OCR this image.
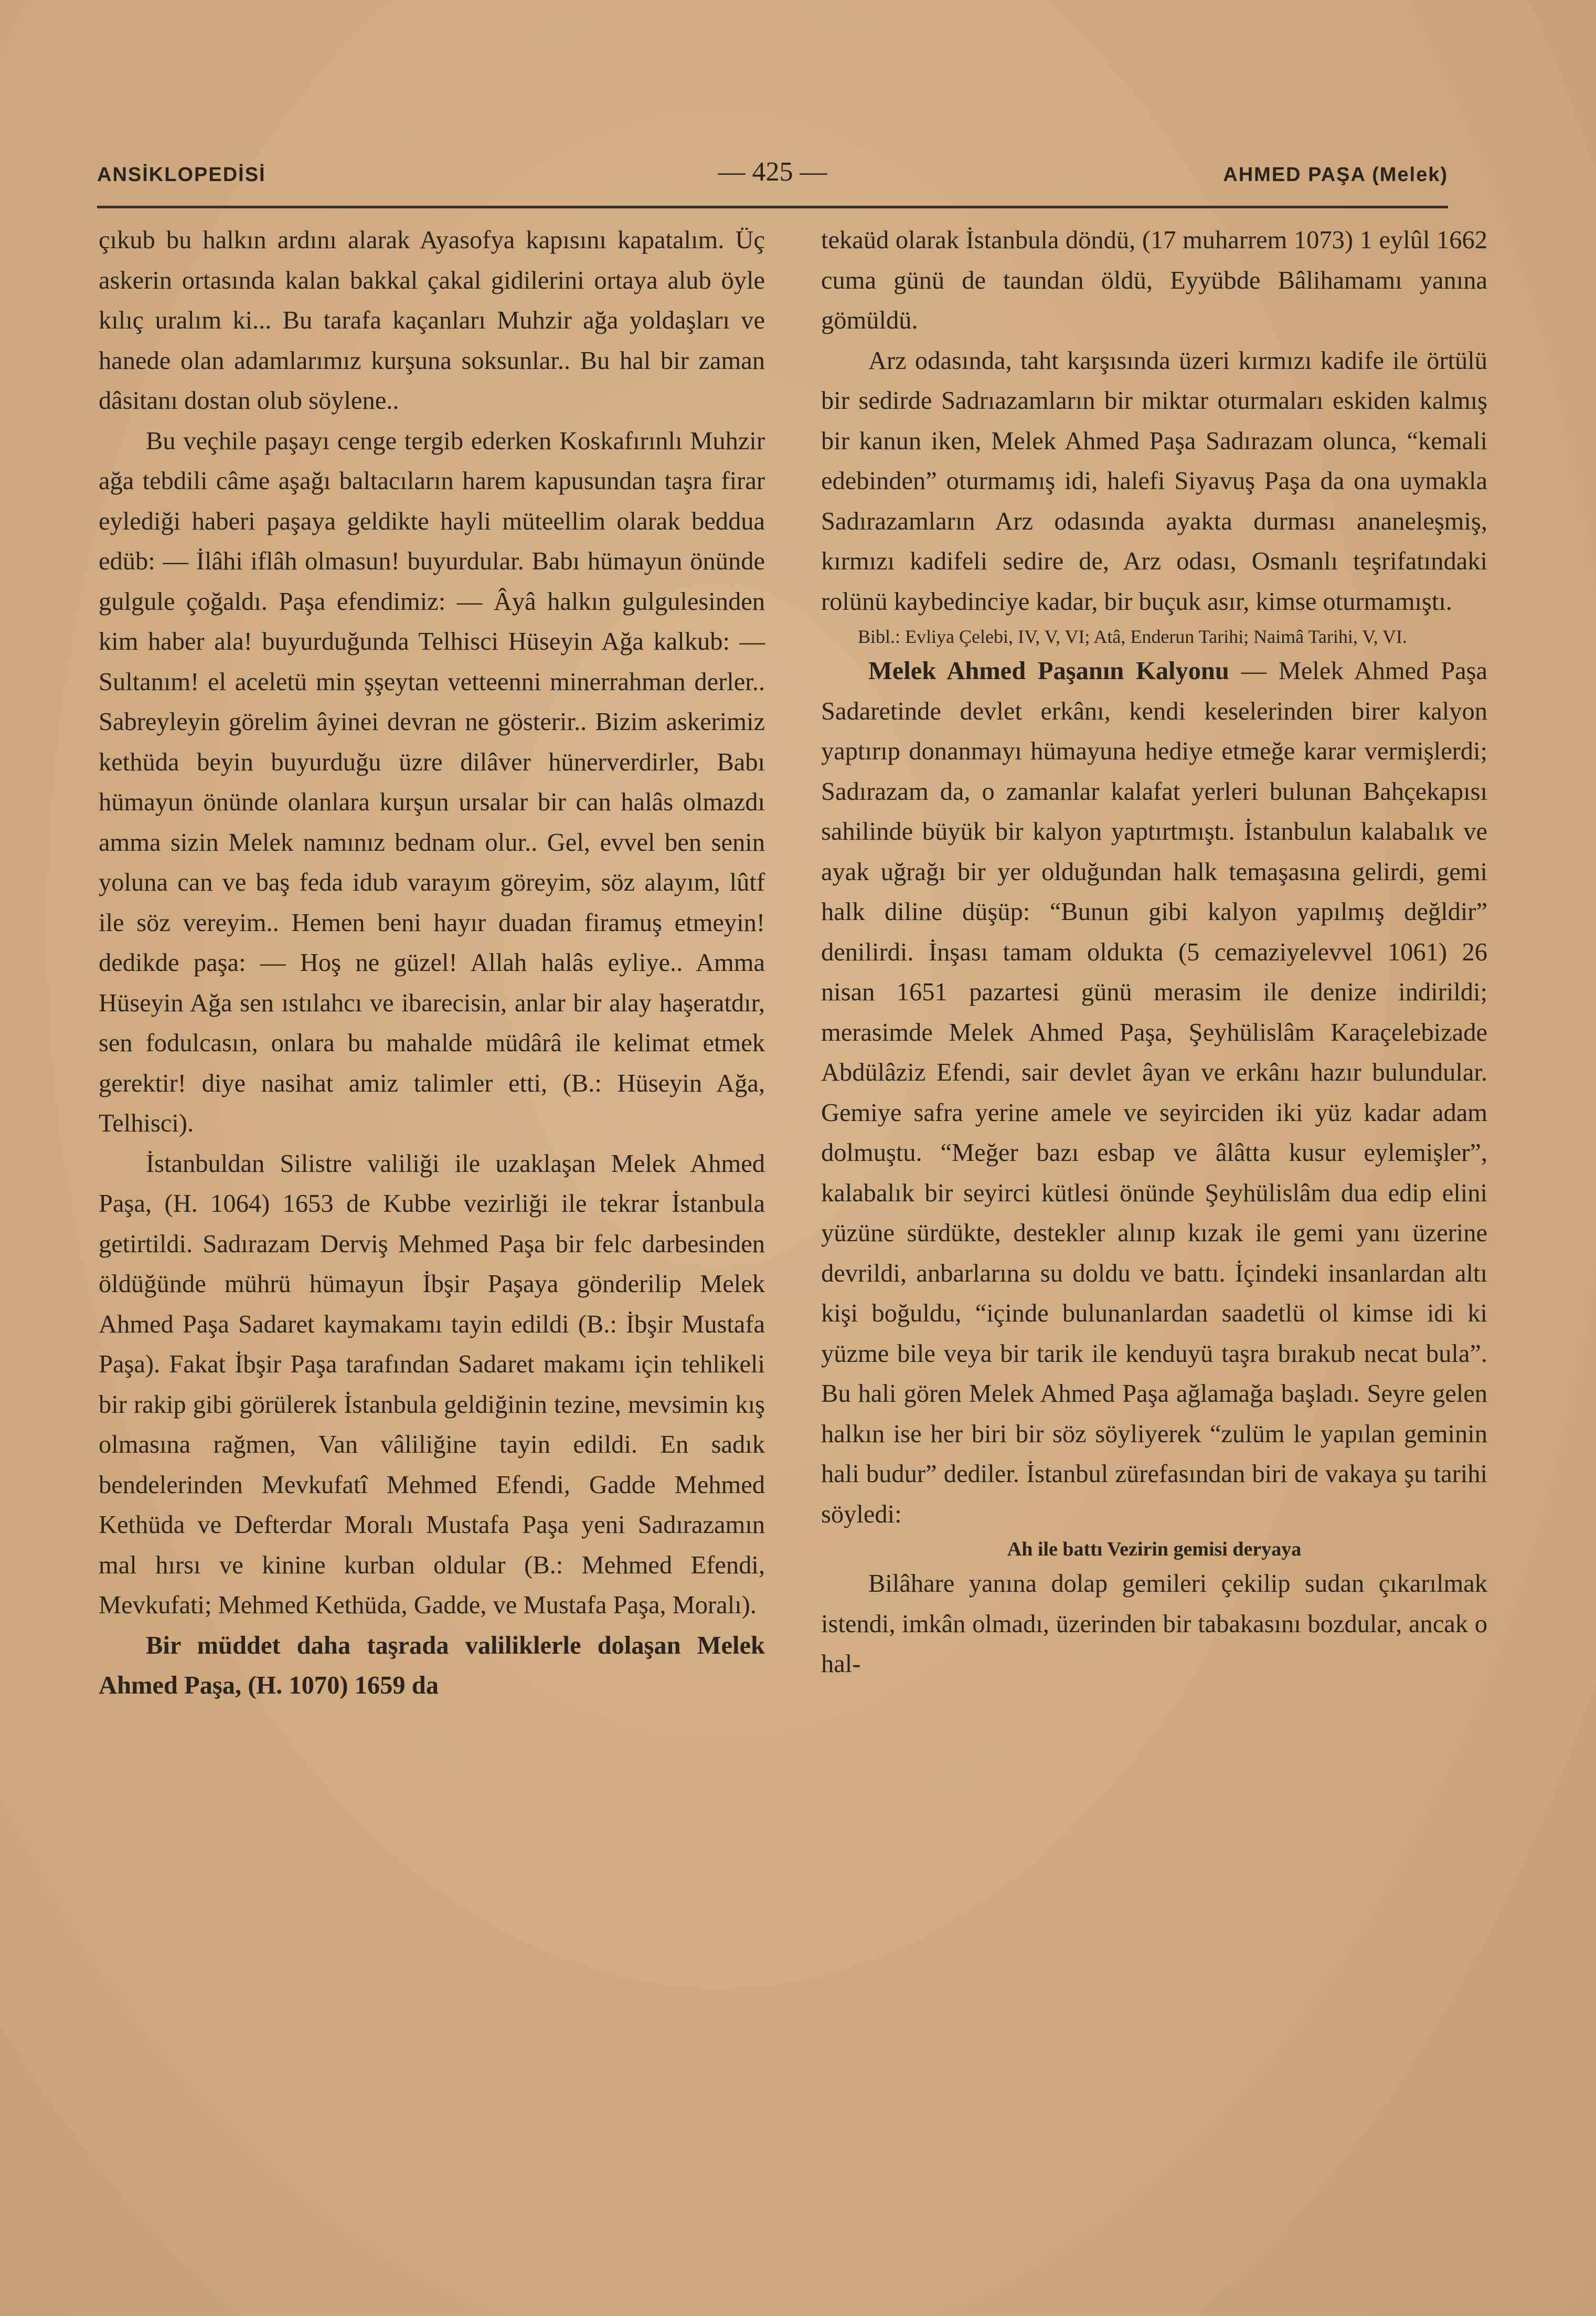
ANSİKLOPEDİSİ	— 425 —	AHMED PAŞA (Melek)

çıkub bu halkın ardını alarak Ayasofya kapısını kapatalım. Üç askerin ortasında kalan bakkal çakal gidilerini ortaya alub öyle kılıç uralım ki... Bu tarafa kaçanları Muhzir ağa yoldaşları ve hanede olan adamlarımız kurşuna soksunlar.. Bu hal bir zaman dâsitanı dostan olub söylene..

Bu veçhile paşayı cenge tergib ederken Koskafırınlı Muhzir ağa tebdili câme aşağı baltacıların harem kapusundan taşra firar eylediği haberi paşaya geldikte hayli müteellim olarak beddua edüb: — İlâhi iflâh olmasun! buyurdular. Babı hümayun önünde gulgule çoğaldı. Paşa efendimiz: — Âyâ halkın gulgulesinden kim haber ala! buyurduğunda Telhisci Hüseyin Ağa kalkub: — Sultanım! el aceletü min şşeytan vetteenni minerrahman derler.. Sabreyleyin görelim âyinei devran ne gösterir.. Bizim askerimiz kethüda beyin buyurduğu üzre dilâver hünerverdirler, Babı hümayun önünde olanlara kurşun ursalar bir can halâs olmazdı amma sizin Melek namınız bednam olur.. Gel, evvel ben senin yoluna can ve baş feda idub varayım göreyim, söz alayım, lûtf ile söz vereyim.. Hemen beni hayır duadan firamuş etmeyin! dedikde paşa: — Hoş ne güzel! Allah halâs eyliye.. Amma Hüseyin Ağa sen ıstılahcı ve ibarecisin, anlar bir alay haşeratdır, sen fodulcasın, onlara bu mahalde müdârâ ile kelimat etmek gerektir! diye nasihat amiz talimler etti, (B.: Hüseyin Ağa, Telhisci).

İstanbuldan Silistre valiliği ile uzaklaşan Melek Ahmed Paşa, (H. 1064) 1653 de Kubbe vezirliği ile tekrar İstanbula getirtildi. Sadırazam Derviş Mehmed Paşa bir felc darbesinden öldüğünde mührü hümayun İbşir Paşaya gönderilip Melek Ahmed Paşa Sadaret kaymakamı tayin edildi (B.: İbşir Mustafa Paşa). Fakat İbşir Paşa tarafından Sadaret makamı için tehlikeli bir rakip gibi görülerek İstanbula geldiğinin tezine, mevsimin kış olmasına rağmen, Van vâliliğine tayin edildi. En sadık bendelerinden Mevkufatî Mehmed Efendi, Gadde Mehmed Kethüda ve Defterdar Moralı Mustafa Paşa yeni Sadırazamın mal hırsı ve kinine kurban oldular (B.: Mehmed Efendi, Mevkufati; Mehmed Kethüda, Gadde, ve Mustafa Paşa, Moralı).

Bir müddet daha taşrada valiliklerle dolaşan Melek Ahmed Paşa, (H. 1070) 1659 da

tekaüd olarak İstanbula döndü, (17 muharrem 1073) 1 eylûl 1662 cuma günü de taundan öldü, Eyyübde Bâlihamamı yanına gömüldü.

Arz odasında, taht karşısında üzeri kırmızı kadife ile örtülü bir sedirde Sadrıazamların bir miktar oturmaları eskiden kalmış bir kanun iken, Melek Ahmed Paşa Sadırazam olunca, “kemali edebinden” oturmamış idi, halefi Siyavuş Paşa da ona uymakla Sadırazamların Arz odasında ayakta durması ananeleşmiş, kırmızı kadifeli sedire de, Arz odası, Osmanlı teşrifatındaki rolünü kaybedinciye kadar, bir buçuk asır, kimse oturmamıştı.

Bibl.: Evliya Çelebi, IV, V, VI; Atâ, Enderun Tarihi; Naimâ Tarihi, V, VI.

Melek Ahmed Paşanın Kalyonu — Melek Ahmed Paşa Sadaretinde devlet erkânı, kendi keselerinden birer kalyon yaptırıp donanmayı hümayuna hediye etmeğe karar vermişlerdi; Sadırazam da, o zamanlar kalafat yerleri bulunan Bahçekapısı sahilinde büyük bir kalyon yaptırtmıştı. İstanbulun kalabalık ve ayak uğrağı bir yer olduğundan halk temaşasına gelirdi, gemi halk diline düşüp: “Bunun gibi kalyon yapılmış değldir” denilirdi. İnşası tamam oldukta (5 cemaziyelevvel 1061) 26 nisan 1651 pazartesi günü merasim ile denize indirildi; merasimde Melek Ahmed Paşa, Şeyhülislâm Karaçelebizade Abdülâziz Efendi, sair devlet âyan ve erkânı hazır bulundular. Gemiye safra yerine amele ve seyirciden iki yüz kadar adam dolmuştu. “Meğer bazı esbap ve âlâtta kusur eylemişler”, kalabalık bir seyirci kütlesi önünde Şeyhülislâm dua edip elini yüzüne sürdükte, destekler alınıp kızak ile gemi yanı üzerine devrildi, anbarlarına su doldu ve battı. İçindeki insanlardan altı kişi boğuldu, “içinde bulunanlardan saadetlü ol kimse idi ki yüzme bile veya bir tarik ile kenduyü taşra bırakub necat bula”. Bu hali gören Melek Ahmed Paşa ağlamağa başladı. Seyre gelen halkın ise her biri bir söz söyliyerek “zulüm le yapılan geminin hali budur” dediler. İstanbul zürefasından biri de vakaya şu tarihi söyledi:

Ah ile battı Vezirin gemisi deryaya

Bilâhare yanına dolap gemileri çekilip sudan çıkarılmak istendi, imkân olmadı, üzerinden bir tabakasını bozdular, ancak o hal-
